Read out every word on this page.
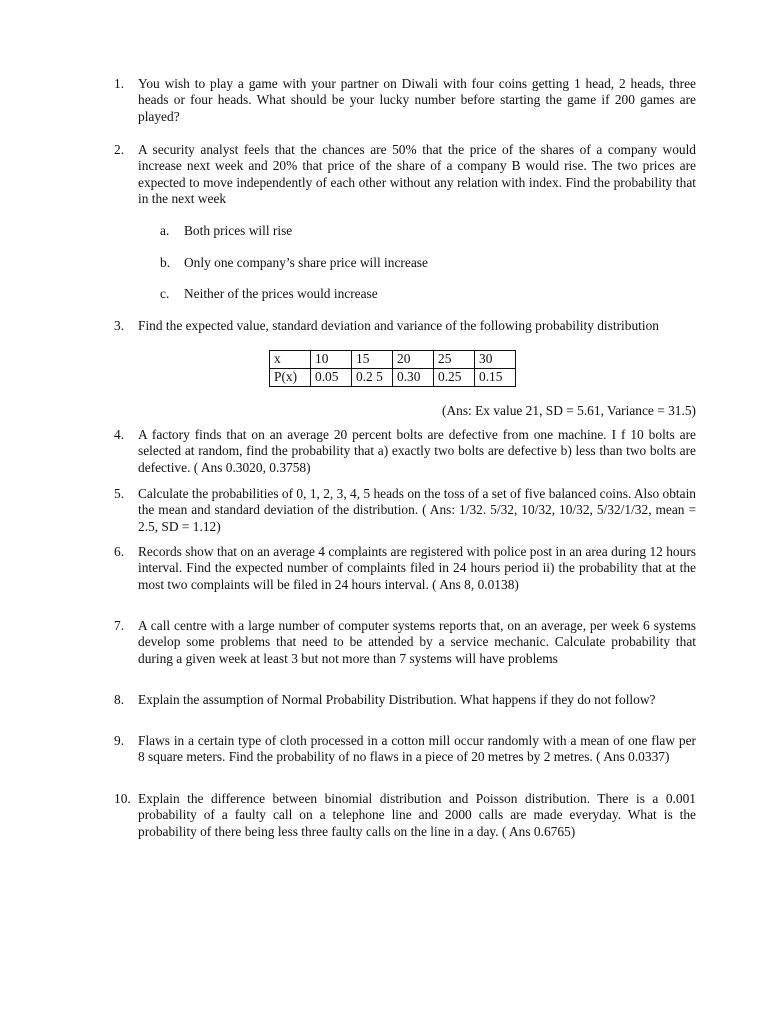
1.	You wish to play a game with your partner on Diwali with four coins getting 1 head, 2 heads, three heads or four heads. What should be your lucky number before starting the game if 200 games are played?
2.	A security analyst feels that the chances are 50% that the price of the shares of a company would increase next week and 20% that price of the share of a company B would rise. The two prices are expected to move independently of each other without any relation with index. Find the probability that in the next week
a. Both prices will rise
b. Only one company’s share price will increase
c. Neither of the prices would increase
3.	Find the expected value, standard deviation and variance of the following probability distribution
x	10	15	20	25	30
P(x)	0.05	0.2 5	0.30	0.25	0.15
(Ans: Ex value 21, SD = 5.61, Variance = 31.5)
4.	A factory finds that on an average 20 percent bolts are defective from one machine. I f 10 bolts are selected at random, find the probability that a) exactly two bolts are defective b) less than two bolts are defective. ( Ans 0.3020, 0.3758)
5.	Calculate the probabilities of 0, 1, 2, 3, 4, 5 heads on the toss of a set of five balanced coins. Also obtain the mean and standard deviation of the distribution. ( Ans: 1/32. 5/32, 10/32, 10/32, 5/32/1/32, mean = 2.5, SD = 1.12)
6.	Records show that on an average 4 complaints are registered with police post in an area during 12 hours interval. Find the expected number of complaints filed in 24 hours period ii) the probability that at the most two complaints will be filed in 24 hours interval. ( Ans 8, 0.0138)
7.	A call centre with a large number of computer systems reports that, on an average, per week 6 systems develop some problems that need to be attended by a service mechanic. Calculate probability that during a given week at least 3 but not more than 7 systems will have problems
8.	Explain the assumption of Normal Probability Distribution. What happens if they do not follow?
9.	Flaws in a certain type of cloth processed in a cotton mill occur randomly with a mean of one flaw per 8 square meters. Find the probability of no flaws in a piece of 20 metres by 2 metres. ( Ans 0.0337)
10. Explain the difference between binomial distribution and Poisson distribution. There is a 0.001 probability of a faulty call on a telephone line and 2000 calls are made everyday. What is the probability of there being less three faulty calls on the line in a day. ( Ans 0.6765)
